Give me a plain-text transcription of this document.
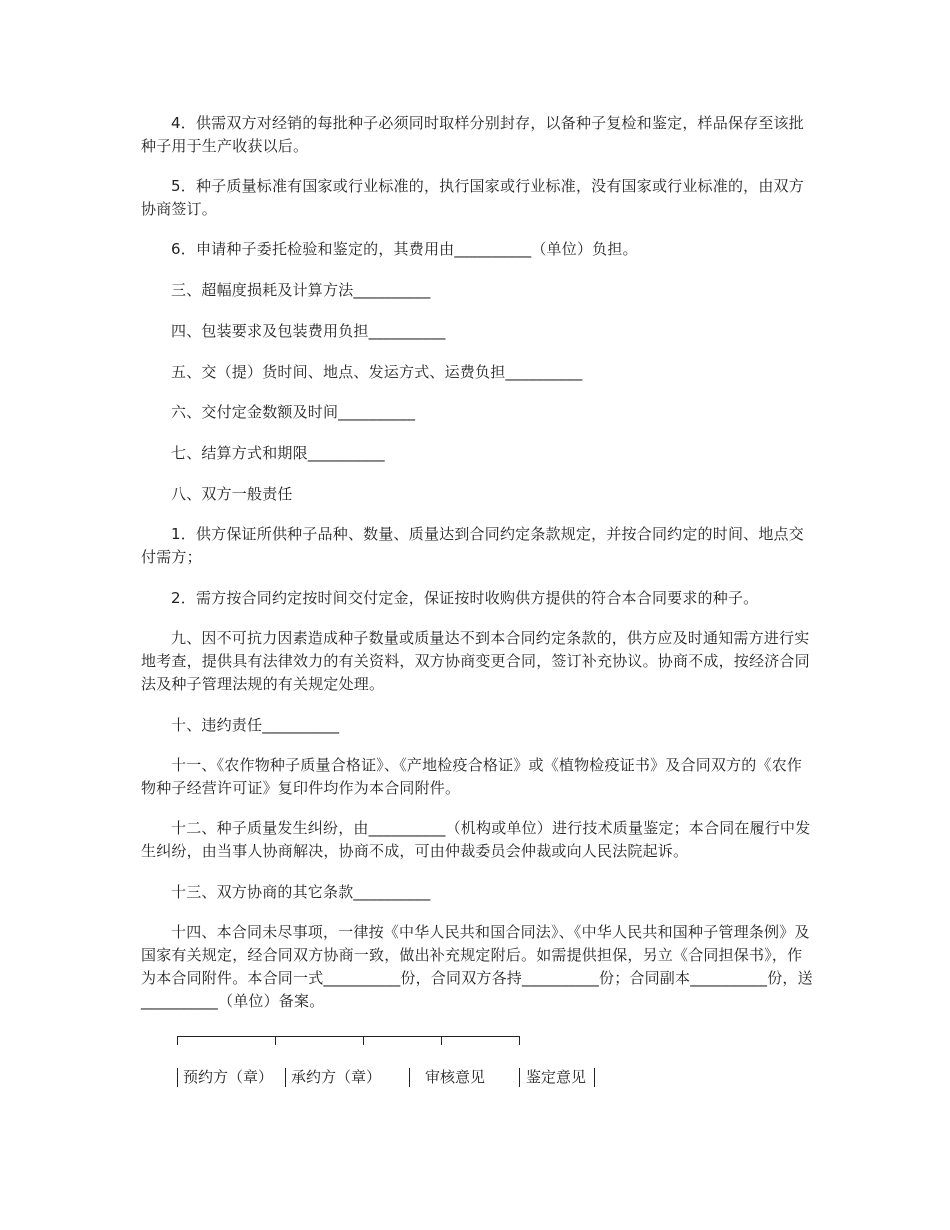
4．供需双方对经销的每批种子必须同时取样分别封存，以备种子复检和鉴定，样品保存至该批种子用于生产收获以后。

5．种子质量标准有国家或行业标准的，执行国家或行业标准，没有国家或行业标准的，由双方协商签订。

6．申请种子委托检验和鉴定的，其费用由__________（单位）负担。

三、超幅度损耗及计算方法__________

四、包装要求及包装费用负担__________

五、交（提）货时间、地点、发运方式、运费负担__________

六、交付定金数额及时间__________

七、结算方式和期限__________

八、双方一般责任

1．供方保证所供种子品种、数量、质量达到合同约定条款规定，并按合同约定的时间、地点交付需方；

2．需方按合同约定按时间交付定金，保证按时收购供方提供的符合本合同要求的种子。

九、因不可抗力因素造成种子数量或质量达不到本合同约定条款的，供方应及时通知需方进行实地考查，提供具有法律效力的有关资料，双方协商变更合同，签订补充协议。协商不成，按经济合同法及种子管理法规的有关规定处理。

十、违约责任__________

十一、《农作物种子质量合格证》、《产地检疫合格证》或《植物检疫证书》及合同双方的《农作物种子经营许可证》复印件均作为本合同附件。

十二、种子质量发生纠纷，由__________（机构或单位）进行技术质量鉴定；本合同在履行中发生纠纷，由当事人协商解决，协商不成，可由仲裁委员会仲裁或向人民法院起诉。

十三、双方协商的其它条款__________

十四、本合同未尽事项，一律按《中华人民共和国合同法》、《中华人民共和国种子管理条例》及国家有关规定，经合同双方协商一致，做出补充规定附后。如需提供担保，另立《合同担保书》，作为本合同附件。本合同一式__________份，合同双方各持__________份；合同副本__________份，送__________（单位）备案。

预约方（章） 承约方（章）	审核意见	鉴定意见
